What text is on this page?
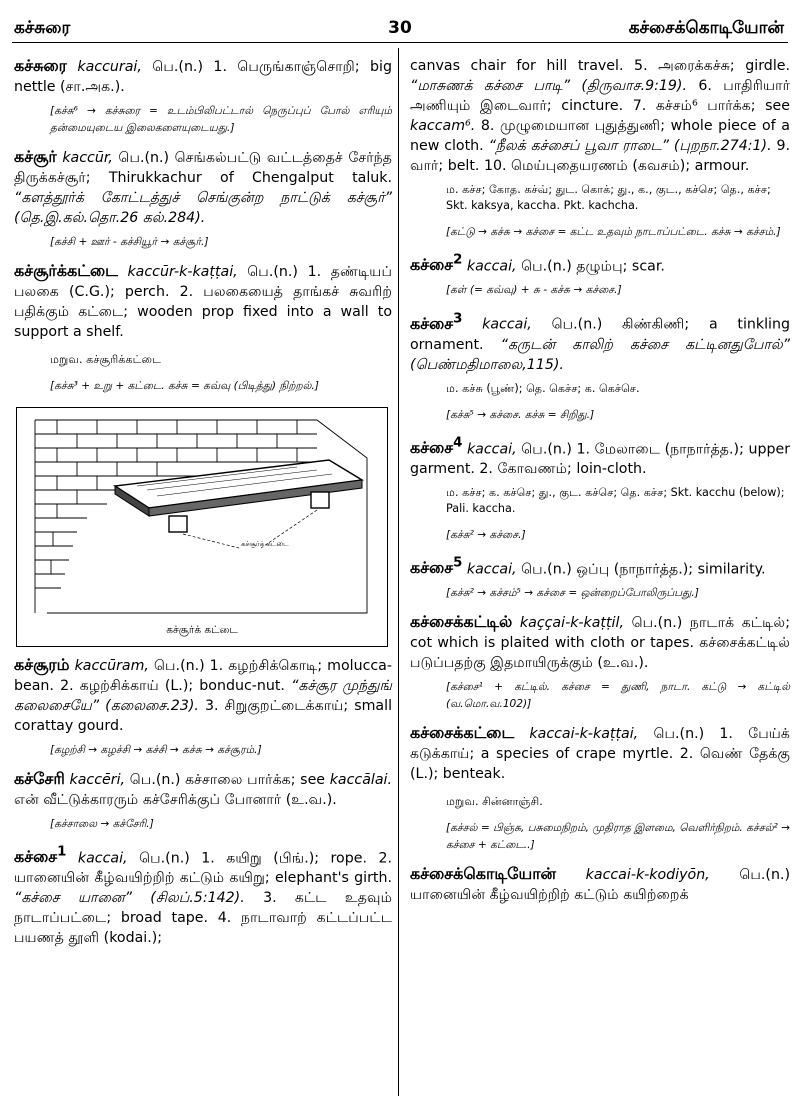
கச்சுரை	30	கச்சைக்கொடியோன்

கச்சுரை kaccurai, பெ.(n.) 1. பெருங்காஞ்சொறி; big nettle (சா.அக.).

[கச்சு⁶ → கச்சுரை = உடம்பிலிபட்டால் நெருப்புப் போல் எரியும் தன்மையுடைய இலைகளையுடையது.]

கச்சூர் kaccūr, பெ.(n.) செங்கல்பட்டு வட்டத்தைச் சேர்ந்த திருக்கச்சூர்; Thirukkachur of Chengalput taluk. “களத்தூர்க் கோட்டத்துச் செங்குன்ற நாட்டுக் கச்சூர்” (தெ.இ.கல்.தொ.26 கல்.284).

[கச்சி + ஊர் - கச்சியூர் → கச்சூர்.]

கச்சூர்க்கட்டை kaccūr-k-kaṭṭai, பெ.(n.) 1. தண்டியப் பலகை (C.G.); perch. 2. பலகையைத் தாங்கச் சுவரிற் பதிக்கும் கட்டை; wooden prop fixed into a wall to support a shelf.

மறுவ. கச்சூரிக்கட்டை

[கச்சு³ + உறு + கட்டை. கச்சு = கவ்வு (பிடித்து) நிற்றல்.]

கச்சூர்க் கட்டை
கச்சூர்க் கட்டை

கச்சூரம் kaccūram, பெ.(n.) 1. கழற்சிக்கொடி; molucca-bean. 2. கழற்சிக்காய் (L.); bonduc-nut. “கச்சூர முந்துங் கலைசையே” (கலைசை.23). 3. சிறுகுறட்டைக்காய்; small corattay gourd.

[கழற்சி → கழச்சி → கச்சி → கச்சு → கச்சூரம்.]

கச்சேரி kaccēri, பெ.(n.) கச்சாலை பார்க்க; see kaccālai. என் வீட்டுக்காரரும் கச்சேரிக்குப் போனார் (உ.வ.).

[கச்சாலை → கச்சேரி.]

கச்சை$^1$ kaccai, பெ.(n.) 1. கயிறு (பிங்.); rope. 2. யானையின் கீழ்வயிற்றிற் கட்டும் கயிறு; elephant's girth. “கச்சை யானை” (சிலப்.5:142). 3. கட்ட உதவும் நாடாப்பட்டை; broad tape. 4. நாடாவாற் கட்டப்பட்ட பயணத் தூளி (kodai.);

canvas chair for hill travel. 5. அரைக்கச்சு; girdle. “மாசுணக் கச்சை பாடி” (திருவாச.9:19). 6. பாதிரியார் அணியும் இடைவார்; cincture. 7. கச்சம்⁶ பார்க்க; see kaccam⁶. 8. முழுமையான புதுத்துணி; whole piece of a new cloth. “நீலக் கச்சைப் பூவா ராடை” (புறநா.274:1). 9. வார்; belt. 10. மெய்புதையரணம் (கவசம்); armour.

ம. கச்ச; கோத. கச்வ்; துட. கொக்; து., க., குட., கச்செ; தெ., கச்ச; Skt. kaksya, kaccha. Pkt. kachcha.

[கட்டு → கச்சு → கச்சை = கட்ட உதவும் நாடாப்பட்டை. கச்சு → கச்சம்.]

கச்சை$^2$ kaccai, பெ.(n.) தழும்பு; scar.

[கள் (= கவ்வு) + சு - கச்சு → கச்சை.]

கச்சை$^3$ kaccai, பெ.(n.) கிண்கிணி; a tinkling ornament. “கருடன் காலிற் கச்சை கட்டினதுபோல்” (பெண்மதிமாலை,115).

ம. கச்சு (பூண்); தெ. கெச்ச; க. கெச்செ.

[கச்சு⁵ → கச்சை. கச்சு = சிறிது.]

கச்சை$^4$ kaccai, பெ.(n.) 1. மேலாடை (நாநார்த்த.); upper garment. 2. கோவணம்; loin-cloth.

ம. கச்ச; க. கச்செ; து., குட. கச்செ; தெ. கச்ச; Skt. kacchu (below); Pali. kaccha.

[கச்சு² → கச்சை.]

கச்சை$^5$ kaccai, பெ.(n.) ஒப்பு (நாநார்த்த.); similarity.

[கச்சு² → கச்சம்⁵ → கச்சை = ஒன்றைப்போலிருப்பது.]

கச்சைக்கட்டில் kaççai-k-kaṭṭil, பெ.(n.) நாடாக் கட்டில்; cot which is plaited with cloth or tapes. கச்சைக்கட்டில் படுப்பதற்கு இதமாயிருக்கும் (உ.வ.).

[கச்சை¹ + கட்டில். கச்சை = துணி, நாடா. கட்டு → கட்டில் (வ.மொ.வ.102)]

கச்சைக்கட்டை kaccai-k-kaṭṭai, பெ.(n.) 1. பேய்க் கடுக்காய்; a species of crape myrtle. 2. வெண் தேக்கு (L.); benteak.

மறுவ. சின்னாஞ்சி.

[கச்சல் = பிஞ்சு, பசுமைநிறம், முதிராத இளமை, வெளிர்நிறம். கச்சல்² → கச்சை + கட்டை..]

கச்சைக்கொடியோன் kaccai-k-kodiyōn, பெ.(n.) யானையின் கீழ்வயிற்றிற் கட்டும் கயிற்றைக்
